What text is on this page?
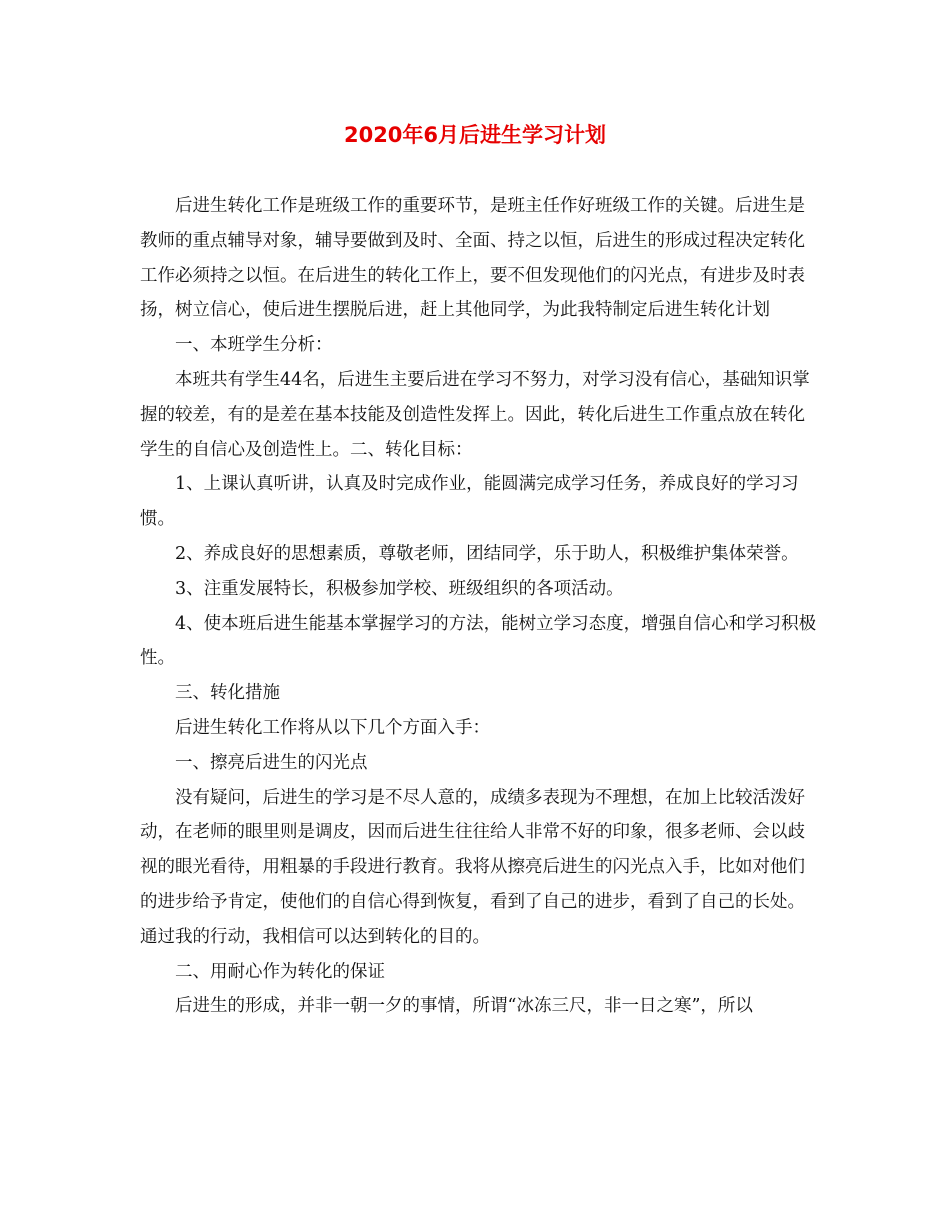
2020年6月后进生学习计划

后进生转化工作是班级工作的重要环节，是班主任作好班级工作的关键。后进生是教师的重点辅导对象，辅导要做到及时、全面、持之以恒，后进生的形成过程决定转化工作必须持之以恒。在后进生的转化工作上，要不但发现他们的闪光点，有进步及时表扬，树立信心，使后进生摆脱后进，赶上其他同学，为此我特制定后进生转化计划

一、本班学生分析：

本班共有学生44名，后进生主要后进在学习不努力，对学习没有信心，基础知识掌握的较差，有的是差在基本技能及创造性发挥上。因此，转化后进生工作重点放在转化学生的自信心及创造性上。二、转化目标：

1、上课认真听讲，认真及时完成作业，能圆满完成学习任务，养成良好的学习习惯。

2、养成良好的思想素质，尊敬老师，团结同学，乐于助人，积极维护集体荣誉。

3、注重发展特长，积极参加学校、班级组织的各项活动。

4、使本班后进生能基本掌握学习的方法，能树立学习态度，增强自信心和学习积极性。

三、转化措施

后进生转化工作将从以下几个方面入手：

一、擦亮后进生的闪光点

没有疑问，后进生的学习是不尽人意的，成绩多表现为不理想，在加上比较活泼好动，在老师的眼里则是调皮，因而后进生往往给人非常不好的印象，很多老师、会以歧视的眼光看待，用粗暴的手段进行教育。我将从擦亮后进生的闪光点入手，比如对他们的进步给予肯定，使他们的自信心得到恢复，看到了自己的进步，看到了自己的长处。通过我的行动，我相信可以达到转化的目的。

二、用耐心作为转化的保证

后进生的形成，并非一朝一夕的事情，所谓“冰冻三尺，非一日之寒”，所以
